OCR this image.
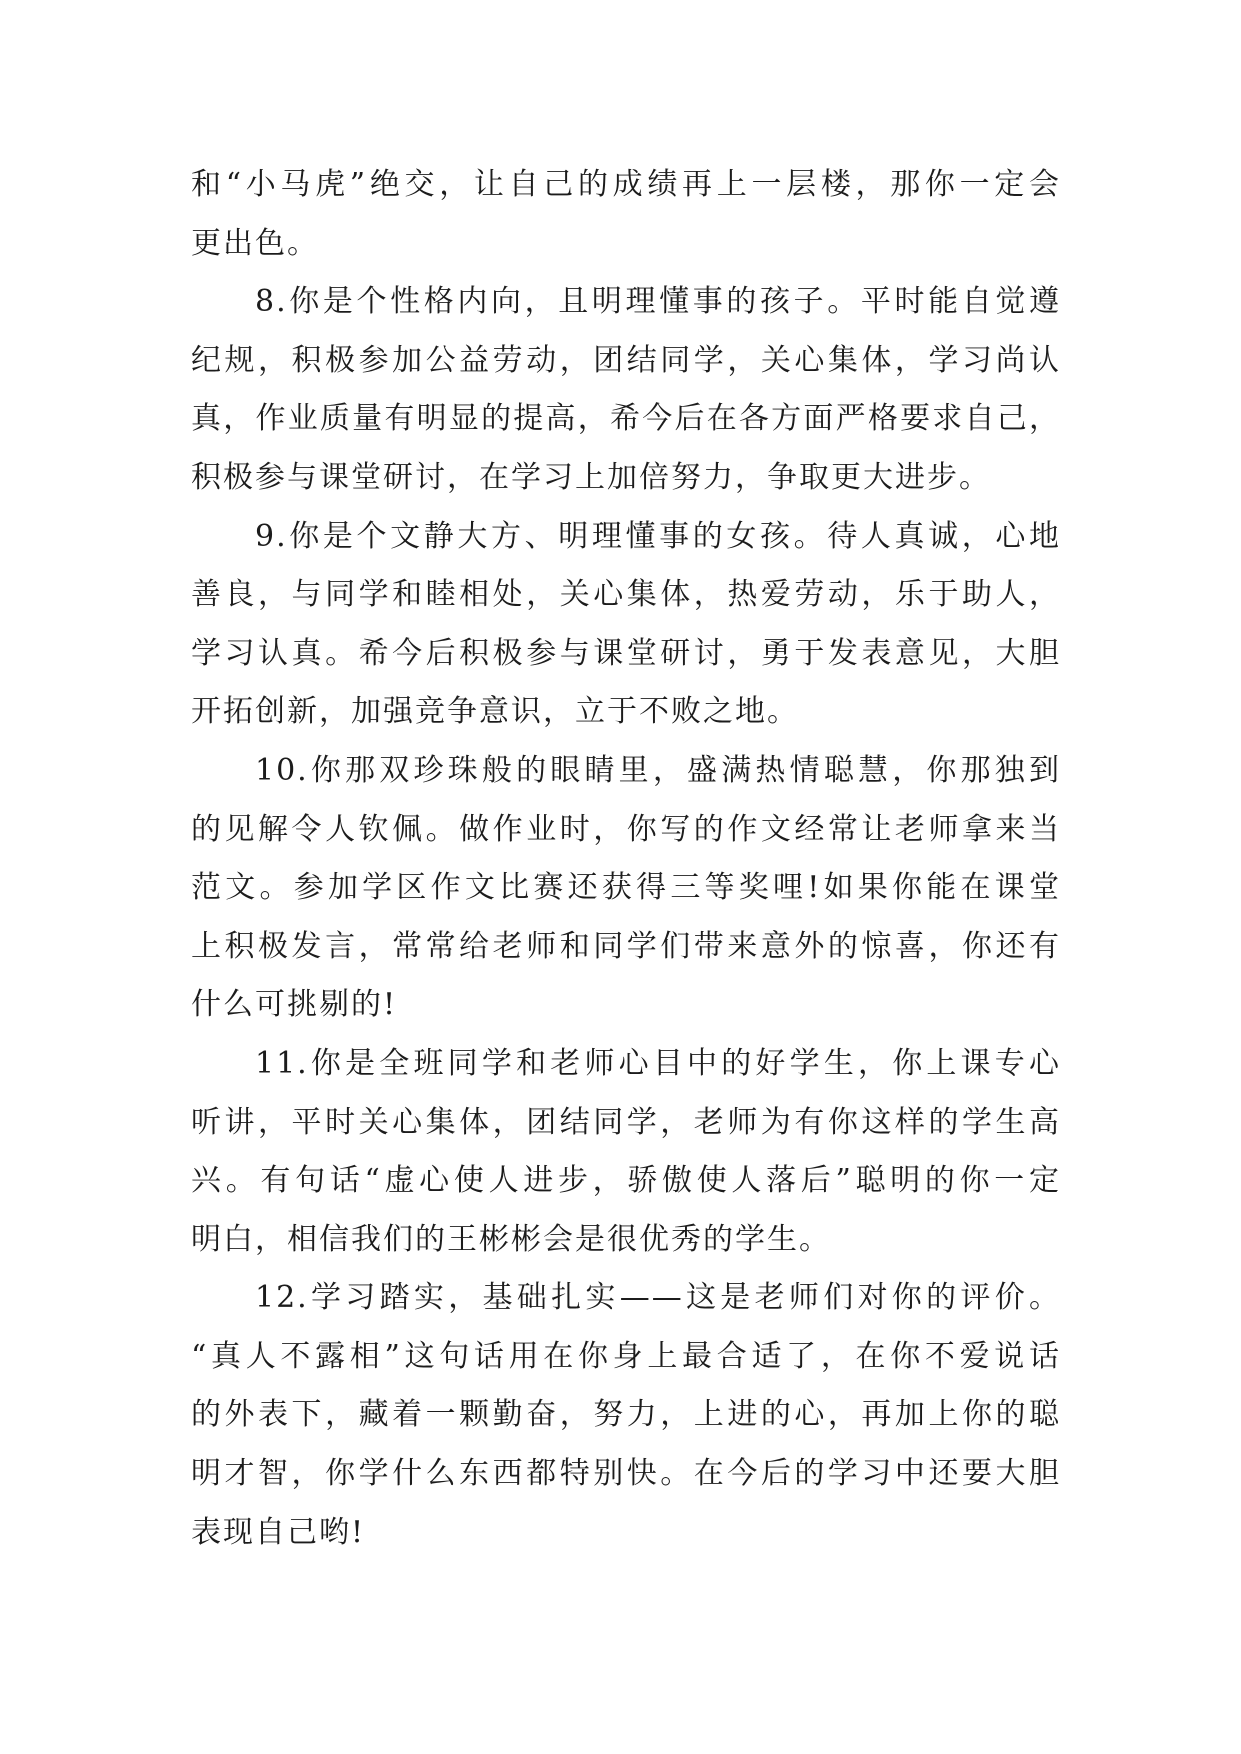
和“小马虎”绝交，让自己的成绩再上一层楼，那你一定会
更出色。
8.你是个性格内向，且明理懂事的孩子。平时能自觉遵
纪规，积极参加公益劳动，团结同学，关心集体，学习尚认
真，作业质量有明显的提高，希今后在各方面严格要求自己，
积极参与课堂研讨，在学习上加倍努力，争取更大进步。
9.你是个文静大方、明理懂事的女孩。待人真诚，心地
善良，与同学和睦相处，关心集体，热爱劳动，乐于助人，
学习认真。希今后积极参与课堂研讨，勇于发表意见，大胆
开拓创新，加强竞争意识，立于不败之地。
10.你那双珍珠般的眼睛里，盛满热情聪慧，你那独到
的见解令人钦佩。做作业时，你写的作文经常让老师拿来当
范文。参加学区作文比赛还获得三等奖哩!如果你能在课堂
上积极发言，常常给老师和同学们带来意外的惊喜，你还有
什么可挑剔的!
11.你是全班同学和老师心目中的好学生，你上课专心
听讲，平时关心集体，团结同学，老师为有你这样的学生高
兴。有句话“虚心使人进步，骄傲使人落后”聪明的你一定
明白，相信我们的王彬彬会是很优秀的学生。
12.学习踏实，基础扎实——这是老师们对你的评价。
“真人不露相”这句话用在你身上最合适了，在你不爱说话
的外表下，藏着一颗勤奋，努力，上进的心，再加上你的聪
明才智，你学什么东西都特别快。在今后的学习中还要大胆
表现自己哟!
